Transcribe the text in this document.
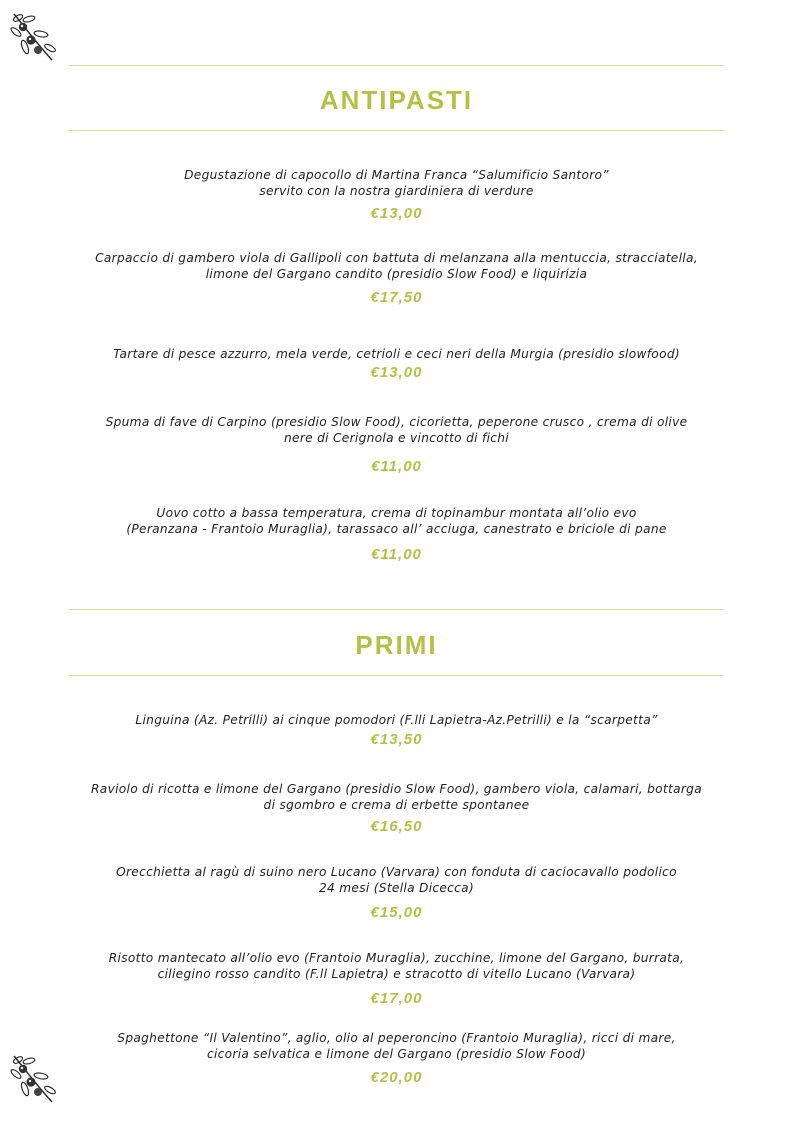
ANTIPASTI
Degustazione di capocollo di Martina Franca “Salumificio Santoro”
servito con la nostra giardiniera di verdure
€13,00
Carpaccio di gambero viola di Gallipoli con battuta di melanzana alla mentuccia, stracciatella,
limone del Gargano candito (presidio Slow Food) e liquirizia
€17,50
Tartare di pesce azzurro, mela verde, cetrioli e ceci neri della Murgia (presidio slowfood)
€13,00
Spuma di fave di Carpino (presidio Slow Food), cicorietta, peperone crusco , crema di olive
nere di Cerignola e vincotto di fichi
€11,00
Uovo cotto a bassa temperatura, crema di topinambur montata all’olio evo
(Peranzana - Frantoio Muraglia), tarassaco all’ acciuga, canestrato e briciole di pane
€11,00
PRIMI
Linguina (Az. Petrilli) ai cinque pomodori (F.lli Lapietra-Az.Petrilli) e la “scarpetta”
€13,50
Raviolo di ricotta e limone del Gargano (presidio Slow Food), gambero viola, calamari, bottarga
di sgombro e crema di erbette spontanee
€16,50
Orecchietta al ragù di suino nero Lucano (Varvara) con fonduta di caciocavallo podolico
24 mesi (Stella Dicecca)
€15,00
Risotto mantecato all’olio evo (Frantoio Muraglia), zucchine, limone del Gargano, burrata,
ciliegino rosso candito (F.ll Lapietra) e stracotto di vitello Lucano (Varvara)
€17,00
Spaghettone “Il Valentino”, aglio, olio al peperoncino (Frantoio Muraglia), ricci di mare,
cicoria selvatica e limone del Gargano (presidio Slow Food)
€20,00
